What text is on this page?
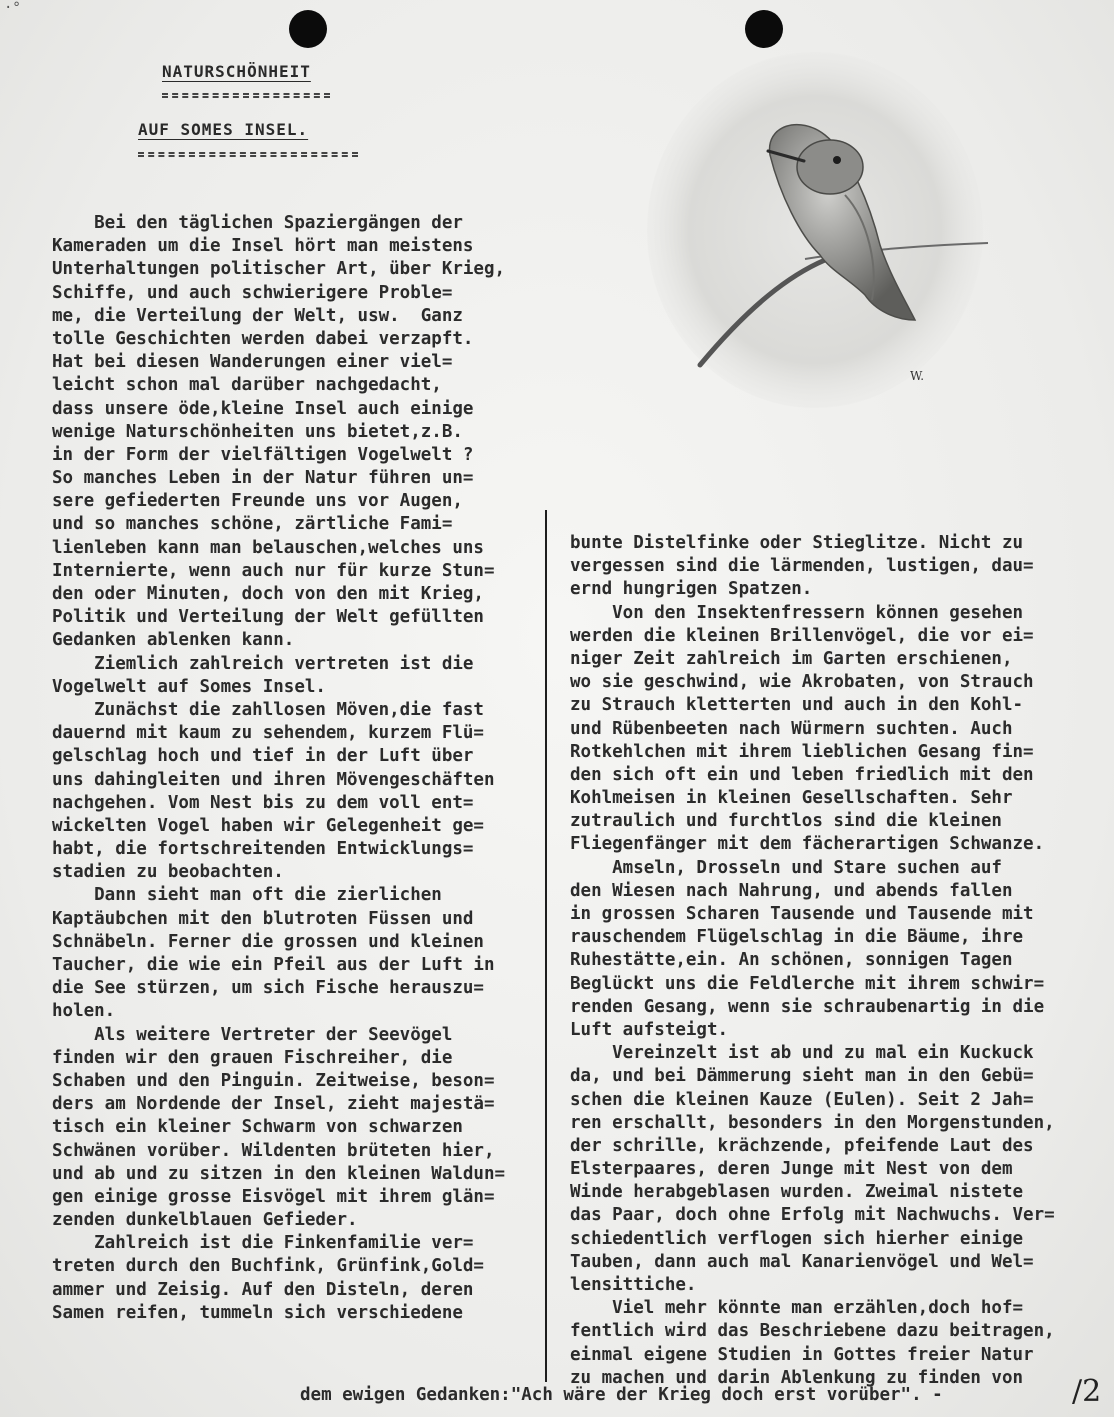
·°
NATURSCHÖNHEIT
AUF SOMES INSEL.
W.
Bei den täglichen Spaziergängen der
Kameraden um die Insel hört man meistens
Unterhaltungen politischer Art, über Krieg,
Schiffe, und auch schwierigere Proble=
me, die Verteilung der Welt, usw.  Ganz
tolle Geschichten werden dabei verzapft.
Hat bei diesen Wanderungen einer viel=
leicht schon mal darüber nachgedacht,
dass unsere öde,kleine Insel auch einige
wenige Naturschönheiten uns bietet,z.B.
in der Form der vielfältigen Vogelwelt ?
So manches Leben in der Natur führen un=
sere gefiederten Freunde uns vor Augen,
und so manches schöne, zärtliche Fami=
lienleben kann man belauschen,welches uns
Internierte, wenn auch nur für kurze Stun=
den oder Minuten, doch von den mit Krieg,
Politik und Verteilung der Welt gefüllten
Gedanken ablenken kann.
Ziemlich zahlreich vertreten ist die
Vogelwelt auf Somes Insel.
Zunächst die zahllosen Möven,die fast
dauernd mit kaum zu sehendem, kurzem Flü=
gelschlag hoch und tief in der Luft über
uns dahingleiten und ihren Mövengeschäften
nachgehen. Vom Nest bis zu dem voll ent=
wickelten Vogel haben wir Gelegenheit ge=
habt, die fortschreitenden Entwicklungs=
stadien zu beobachten.
Dann sieht man oft die zierlichen
Kaptäubchen mit den blutroten Füssen und
Schnäbeln. Ferner die grossen und kleinen
Taucher, die wie ein Pfeil aus der Luft in
die See stürzen, um sich Fische herauszu=
holen.
Als weitere Vertreter der Seevögel
finden wir den grauen Fischreiher, die
Schaben und den Pinguin. Zeitweise, beson=
ders am Nordende der Insel, zieht majestä=
tisch ein kleiner Schwarm von schwarzen
Schwänen vorüber. Wildenten brüteten hier,
und ab und zu sitzen in den kleinen Waldun=
gen einige grosse Eisvögel mit ihrem glän=
zenden dunkelblauen Gefieder.
Zahlreich ist die Finkenfamilie ver=
treten durch den Buchfink, Grünfink,Gold=
ammer und Zeisig. Auf den Disteln, deren
Samen reifen, tummeln sich verschiedene
bunte Distelfinke oder Stieglitze. Nicht zu
vergessen sind die lärmenden, lustigen, dau=
ernd hungrigen Spatzen.
Von den Insektenfressern können gesehen
werden die kleinen Brillenvögel, die vor ei=
niger Zeit zahlreich im Garten erschienen,
wo sie geschwind, wie Akrobaten, von Strauch
zu Strauch kletterten und auch in den Kohl-
und Rübenbeeten nach Würmern suchten. Auch
Rotkehlchen mit ihrem lieblichen Gesang fin=
den sich oft ein und leben friedlich mit den
Kohlmeisen in kleinen Gesellschaften. Sehr
zutraulich und furchtlos sind die kleinen
Fliegenfänger mit dem fächerartigen Schwanze.
Amseln, Drosseln und Stare suchen auf
den Wiesen nach Nahrung, und abends fallen
in grossen Scharen Tausende und Tausende mit
rauschendem Flügelschlag in die Bäume, ihre
Ruhestätte,ein. An schönen, sonnigen Tagen
Beglückt uns die Feldlerche mit ihrem schwir=
renden Gesang, wenn sie schraubenartig in die
Luft aufsteigt.
Vereinzelt ist ab und zu mal ein Kuckuck
da, und bei Dämmerung sieht man in den Gebü=
schen die kleinen Kauze (Eulen). Seit 2 Jah=
ren erschallt, besonders in den Morgenstunden,
der schrille, krächzende, pfeifende Laut des
Elsterpaares, deren Junge mit Nest von dem
Winde herabgeblasen wurden. Zweimal nistete
das Paar, doch ohne Erfolg mit Nachwuchs. Ver=
schiedentlich verflogen sich hierher einige
Tauben, dann auch mal Kanarienvögel und Wel=
lensittiche.
Viel mehr könnte man erzählen,doch hof=
fentlich wird das Beschriebene dazu beitragen,
einmal eigene Studien in Gottes freier Natur
zu machen und darin Ablenkung zu finden von
dem ewigen Gedanken:"Ach wäre der Krieg doch erst vorüber". -	/2
